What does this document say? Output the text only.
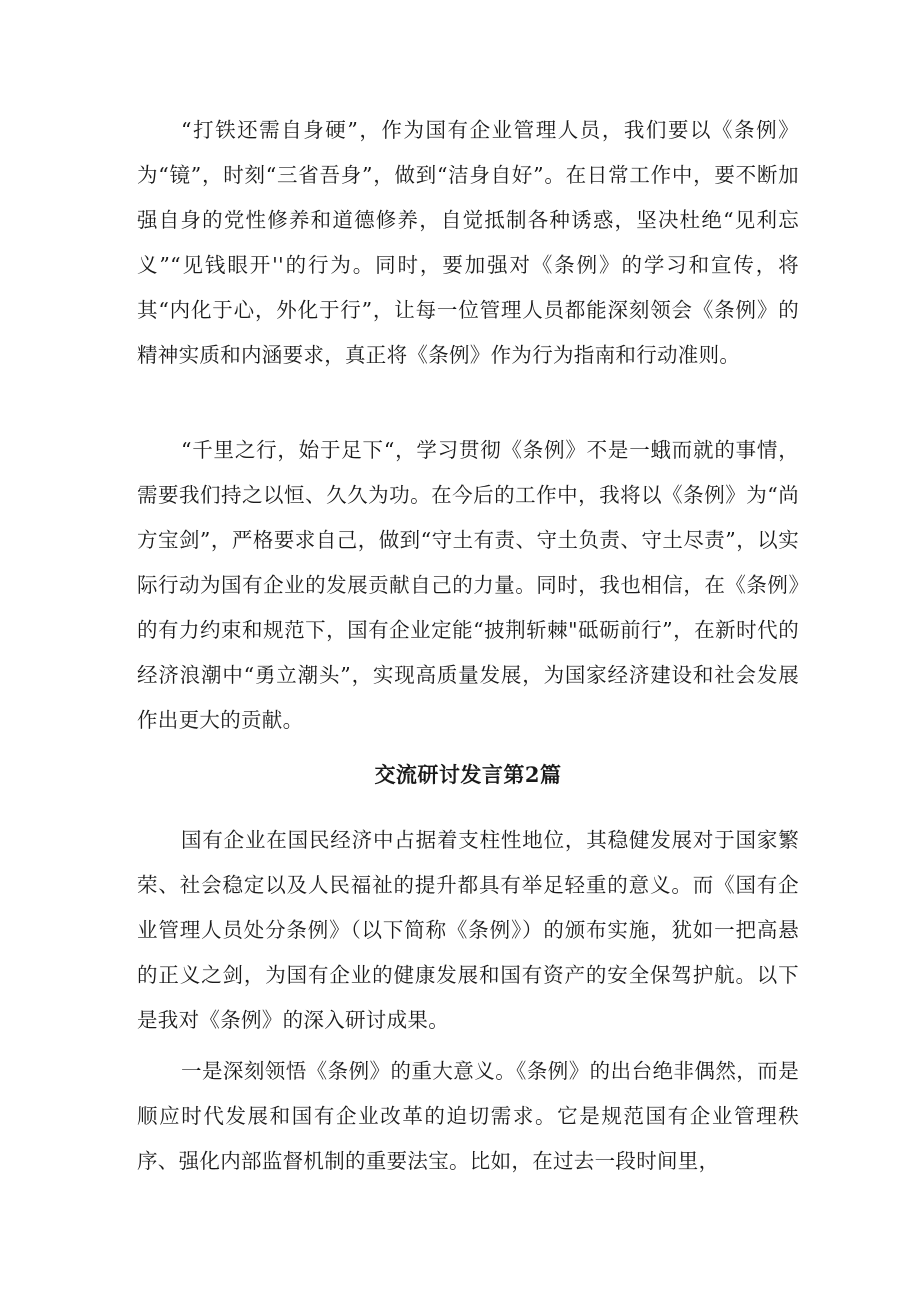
“打铁还需自身硬”，作为国有企业管理人员，我们要以《条例》为“镜”，时刻“三省吾身”，做到“洁身自好”。在日常工作中，要不断加强自身的党性修养和道德修养，自觉抵制各种诱惑，坚决杜绝“见利忘义”“见钱眼开''的行为。同时，要加强对《条例》的学习和宣传，将其“内化于心，外化于行”，让每一位管理人员都能深刻领会《条例》的精神实质和内涵要求，真正将《条例》作为行为指南和行动准则。

“千里之行，始于足下“，学习贯彻《条例》不是一蛾而就的事情，需要我们持之以恒、久久为功。在今后的工作中，我将以《条例》为“尚方宝剑”，严格要求自己，做到“守土有责、守土负责、守土尽责”，以实际行动为国有企业的发展贡献自己的力量。同时，我也相信，在《条例》的有力约束和规范下，国有企业定能“披荆斩棘"砥砺前行”，在新时代的经济浪潮中“勇立潮头”，实现高质量发展，为国家经济建设和社会发展作出更大的贡献。

交流研讨发言第2篇

国有企业在国民经济中占据着支柱性地位，其稳健发展对于国家繁荣、社会稳定以及人民福祉的提升都具有举足轻重的意义。而《国有企业管理人员处分条例》（以下简称《条例》）的颁布实施，犹如一把高悬的正义之剑，为国有企业的健康发展和国有资产的安全保驾护航。以下是我对《条例》的深入研讨成果。

一是深刻领悟《条例》的重大意义。《条例》的出台绝非偶然，而是顺应时代发展和国有企业改革的迫切需求。它是规范国有企业管理秩序、强化内部监督机制的重要法宝。比如，在过去一段时间里，
